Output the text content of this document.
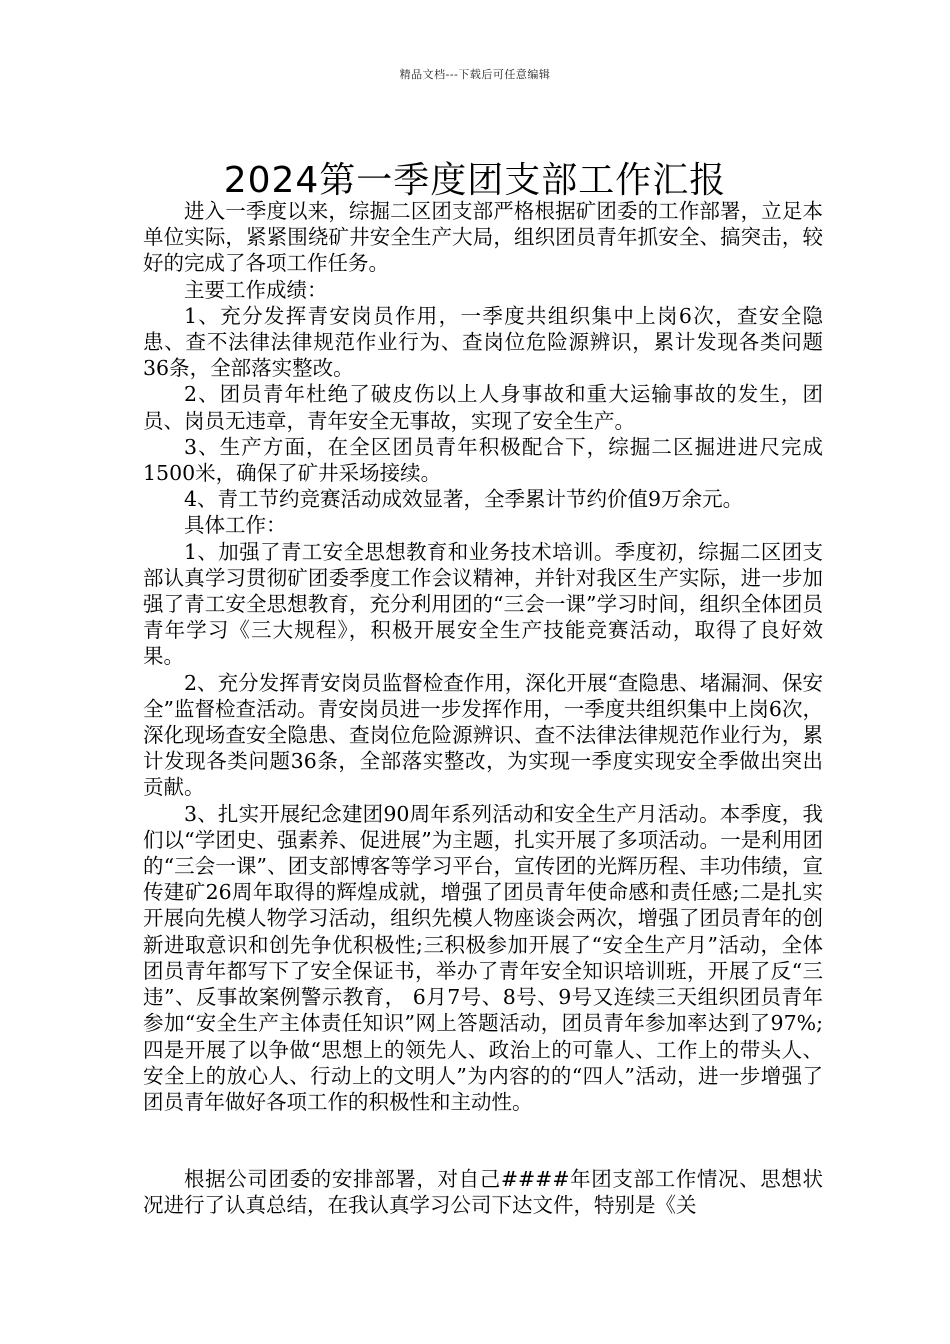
精品文档---下载后可任意编辑
2024第一季度团支部工作汇报

进入一季度以来，综掘二区团支部严格根据矿团委的工作部署，立足本单位实际，紧紧围绕矿井安全生产大局，组织团员青年抓安全、搞突击，较好的完成了各项工作任务。

主要工作成绩：

1、充分发挥青安岗员作用，一季度共组织集中上岗6次，查安全隐患、查不法律法律规范作业行为、查岗位危险源辨识，累计发现各类问题36条，全部落实整改。

2、团员青年杜绝了破皮伤以上人身事故和重大运输事故的发生，团员、岗员无违章，青年安全无事故，实现了安全生产。

3、生产方面，在全区团员青年积极配合下，综掘二区掘进进尺完成1500米，确保了矿井采场接续。

4、青工节约竞赛活动成效显著，全季累计节约价值9万余元。

具体工作：

1、加强了青工安全思想教育和业务技术培训。季度初，综掘二区团支部认真学习贯彻矿团委季度工作会议精神，并针对我区生产实际，进一步加强了青工安全思想教育，充分利用团的“三会一课”学习时间，组织全体团员青年学习《三大规程》，积极开展安全生产技能竞赛活动，取得了良好效果。

2、充分发挥青安岗员监督检查作用，深化开展“查隐患、堵漏洞、保安全”监督检查活动。青安岗员进一步发挥作用，一季度共组织集中上岗6次，深化现场查安全隐患、查岗位危险源辨识、查不法律法律规范作业行为，累计发现各类问题36条，全部落实整改，为实现一季度实现安全季做出突出贡献。

3、扎实开展纪念建团90周年系列活动和安全生产月活动。本季度，我们以“学团史、强素养、促进展”为主题，扎实开展了多项活动。一是利用团的“三会一课”、团支部博客等学习平台，宣传团的光辉历程、丰功伟绩，宣传建矿26周年取得的辉煌成就，增强了团员青年使命感和责任感;二是扎实开展向先模人物学习活动，组织先模人物座谈会两次，增强了团员青年的创新进取意识和创先争优积极性;三积极参加开展了“安全生产月”活动，全体团员青年都写下了安全保证书，举办了青年安全知识培训班，开展了反“三违”、反事故案例警示教育， 6月7号、8号、9号又连续三天组织团员青年参加“安全生产主体责任知识”网上答题活动，团员青年参加率达到了97%;四是开展了以争做“思想上的领先人、政治上的可靠人、工作上的带头人、安全上的放心人、行动上的文明人”为内容的的“四人”活动，进一步增强了团员青年做好各项工作的积极性和主动性。

根据公司团委的安排部署，对自己####年团支部工作情况、思想状况进行了认真总结，在我认真学习公司下达文件，特别是《关
